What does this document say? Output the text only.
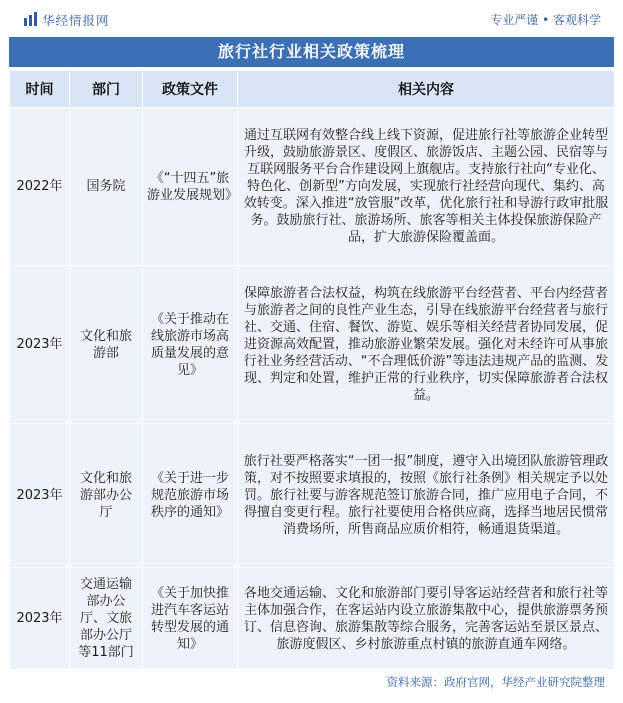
华经情报网	专业严谨 • 客观科学
旅行社行业相关政策梳理
时间	部门	政策文件	相关内容
2022年	国务院	《“十四五”旅游业发展规划》	通过互联网有效整合线上线下资源，促进旅行社等旅游企业转型升级，鼓励旅游景区、度假区、旅游饭店、主题公园、民宿等与互联网服务平台合作建设网上旗舰店。支持旅行社向“专业化、特色化、创新型”方向发展，实现旅行社经营向现代、集约、高效转变。深入推进“放管服”改革，优化旅行社和导游行政审批服务。鼓励旅行社、旅游场所、旅客等相关主体投保旅游保险产品，扩大旅游保险覆盖面。
2023年	文化和旅游部	《关于推动在线旅游市场高质量发展的意见》	保障旅游者合法权益，构筑在线旅游平台经营者、平台内经营者与旅游者之间的良性产业生态，引导在线旅游平台经营者与旅行社、交通、住宿、餐饮、游览、娱乐等相关经营者协同发展，促进资源高效配置，推动旅游业繁荣发展。强化对未经许可从事旅行社业务经营活动、“不合理低价游”等违法违规产品的监测、发现、判定和处置，维护正常的行业秩序，切实保障旅游者合法权益。
2023年	文化和旅游部办公厅	《关于进一步规范旅游市场秩序的通知》	旅行社要严格落实“一团一报”制度，遵守入出境团队旅游管理政策，对不按照要求填报的，按照《旅行社条例》相关规定予以处罚。旅行社要与游客规范签订旅游合同，推广应用电子合同，不得擅自变更行程。旅行社要使用合格供应商，选择当地居民惯常消费场所，所售商品应质价相符，畅通退货渠道。
2023年	交通运输部办公厅、文旅部办公厅等11部门	《关于加快推进汽车客运站转型发展的通知》	各地交通运输、文化和旅游部门要引导客运站经营者和旅行社等主体加强合作，在客运站内设立旅游集散中心，提供旅游票务预订、信息咨询、旅游集散等综合服务，完善客运站至景区景点、旅游度假区、乡村旅游重点村镇的旅游直通车网络。
资料来源：政府官网，华经产业研究院整理
